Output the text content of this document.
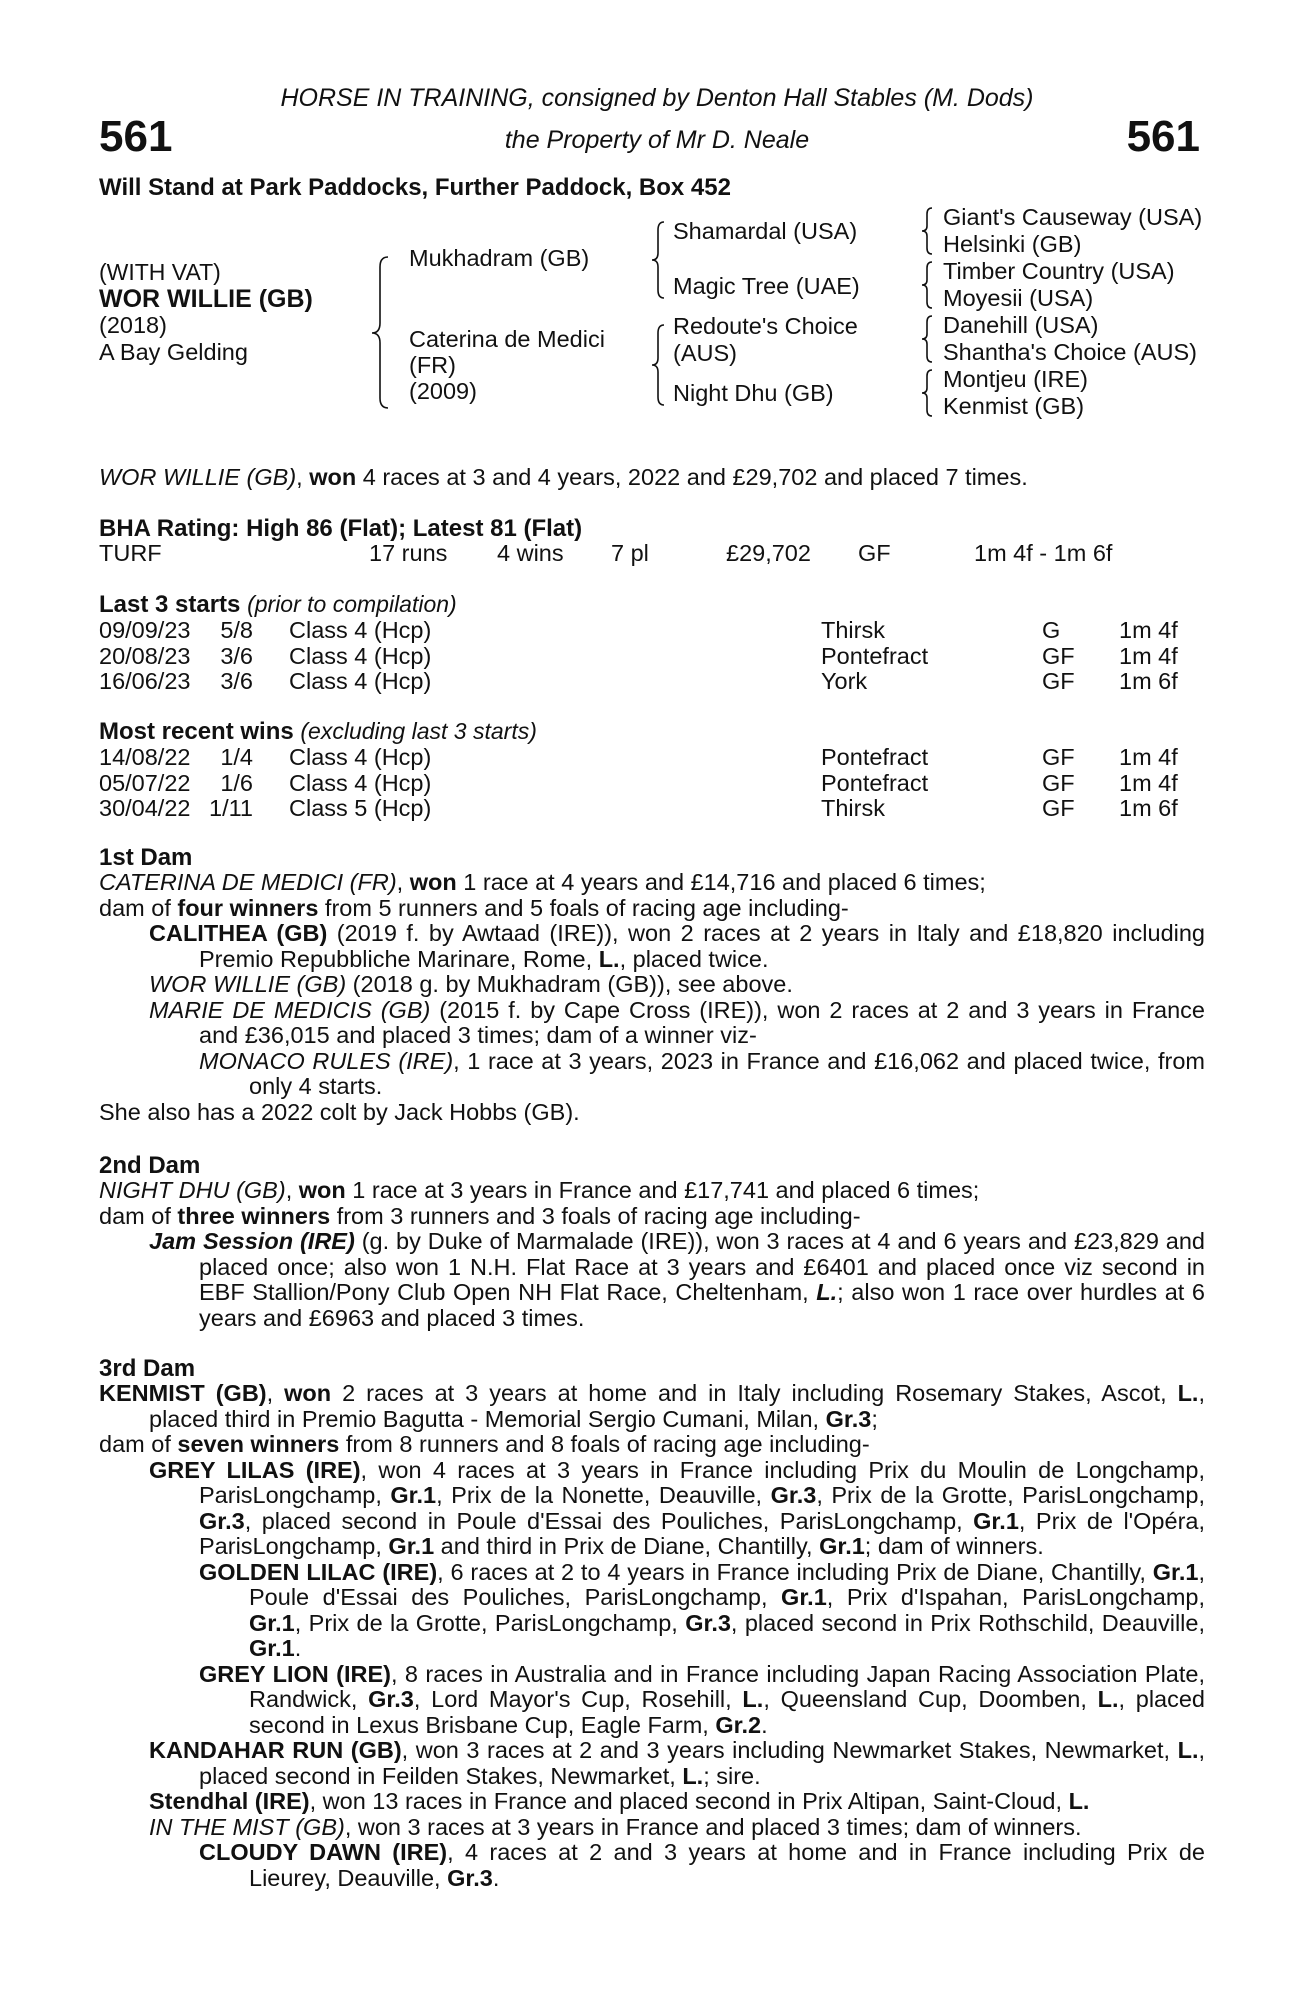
561	561
HORSE IN TRAINING, consigned by Denton Hall Stables (M. Dods)
the Property of Mr D. Neale
Will Stand at Park Paddocks, Further Paddock, Box 452
(WITH VAT)
WOR WILLIE (GB)
(2018)
A Bay Gelding
Mukhadram (GB)
Caterina de Medici
(FR)
(2009)
Shamardal (USA)
Magic Tree (UAE)
Redoute's Choice
(AUS)
Night Dhu (GB)
Giant's Causeway (USA)
Helsinki (GB)
Timber Country (USA)
Moyesii (USA)
Danehill (USA)
Shantha's Choice (AUS)
Montjeu (IRE)
Kenmist (GB)
WOR WILLIE (GB), won 4 races at 3 and 4 years, 2022 and £29,702 and placed 7 times.
BHA Rating: High 86 (Flat); Latest 81 (Flat)
TURF	17 runs 4 wins 7 pl	£29,702 GF	1m 4f - 1m 6f
Last 3 starts (prior to compilation)
09/09/23	5/8 Class 4 (Hcp)	Thirsk	G 1m 4f
20/08/23	3/6 Class 4 (Hcp)	Pontefract	GF 1m 4f
16/06/23	3/6 Class 4 (Hcp)	York	GF 1m 6f
Most recent wins (excluding last 3 starts)
14/08/22	1/4 Class 4 (Hcp)	Pontefract	GF 1m 4f
05/07/22	1/6 Class 4 (Hcp)	Pontefract	GF 1m 4f
30/04/22 1/11 Class 5 (Hcp)	Thirsk	GF 1m 6f
1st Dam
CATERINA DE MEDICI (FR), won 1 race at 4 years and £14,716 and placed 6 times;
dam of four winners from 5 runners and 5 foals of racing age including-
CALITHEA (GB) (2019 f. by Awtaad (IRE)), won 2 races at 2 years in Italy and £18,820 including Premio Repubbliche Marinare, Rome, L., placed twice.
WOR WILLIE (GB) (2018 g. by Mukhadram (GB)), see above.
MARIE DE MEDICIS (GB) (2015 f. by Cape Cross (IRE)), won 2 races at 2 and 3 years in France and £36,015 and placed 3 times; dam of a winner viz-
MONACO RULES (IRE), 1 race at 3 years, 2023 in France and £16,062 and placed twice, from only 4 starts.
She also has a 2022 colt by Jack Hobbs (GB).
2nd Dam
NIGHT DHU (GB), won 1 race at 3 years in France and £17,741 and placed 6 times;
dam of three winners from 3 runners and 3 foals of racing age including-
Jam Session (IRE) (g. by Duke of Marmalade (IRE)), won 3 races at 4 and 6 years and £23,829 and placed once; also won 1 N.H. Flat Race at 3 years and £6401 and placed once viz second in EBF Stallion/Pony Club Open NH Flat Race, Cheltenham, L.; also won 1 race over hurdles at 6 years and £6963 and placed 3 times.
3rd Dam
KENMIST (GB), won 2 races at 3 years at home and in Italy including Rosemary Stakes, Ascot, L., placed third in Premio Bagutta - Memorial Sergio Cumani, Milan, Gr.3;
dam of seven winners from 8 runners and 8 foals of racing age including-
GREY LILAS (IRE), won 4 races at 3 years in France including Prix du Moulin de Longchamp, ParisLongchamp, Gr.1, Prix de la Nonette, Deauville, Gr.3, Prix de la Grotte, ParisLongchamp, Gr.3, placed second in Poule d'Essai des Pouliches, ParisLongchamp, Gr.1, Prix de l'Opéra, ParisLongchamp, Gr.1 and third in Prix de Diane, Chantilly, Gr.1; dam of winners.
GOLDEN LILAC (IRE), 6 races at 2 to 4 years in France including Prix de Diane, Chantilly, Gr.1, Poule d'Essai des Pouliches, ParisLongchamp, Gr.1, Prix d'Ispahan, ParisLongchamp, Gr.1, Prix de la Grotte, ParisLongchamp, Gr.3, placed second in Prix Rothschild, Deauville, Gr.1.
GREY LION (IRE), 8 races in Australia and in France including Japan Racing Association Plate, Randwick, Gr.3, Lord Mayor's Cup, Rosehill, L., Queensland Cup, Doomben, L., placed second in Lexus Brisbane Cup, Eagle Farm, Gr.2.
KANDAHAR RUN (GB), won 3 races at 2 and 3 years including Newmarket Stakes, Newmarket, L., placed second in Feilden Stakes, Newmarket, L.; sire.
Stendhal (IRE), won 13 races in France and placed second in Prix Altipan, Saint-Cloud, L.
IN THE MIST (GB), won 3 races at 3 years in France and placed 3 times; dam of winners.
CLOUDY DAWN (IRE), 4 races at 2 and 3 years at home and in France including Prix de Lieurey, Deauville, Gr.3.
